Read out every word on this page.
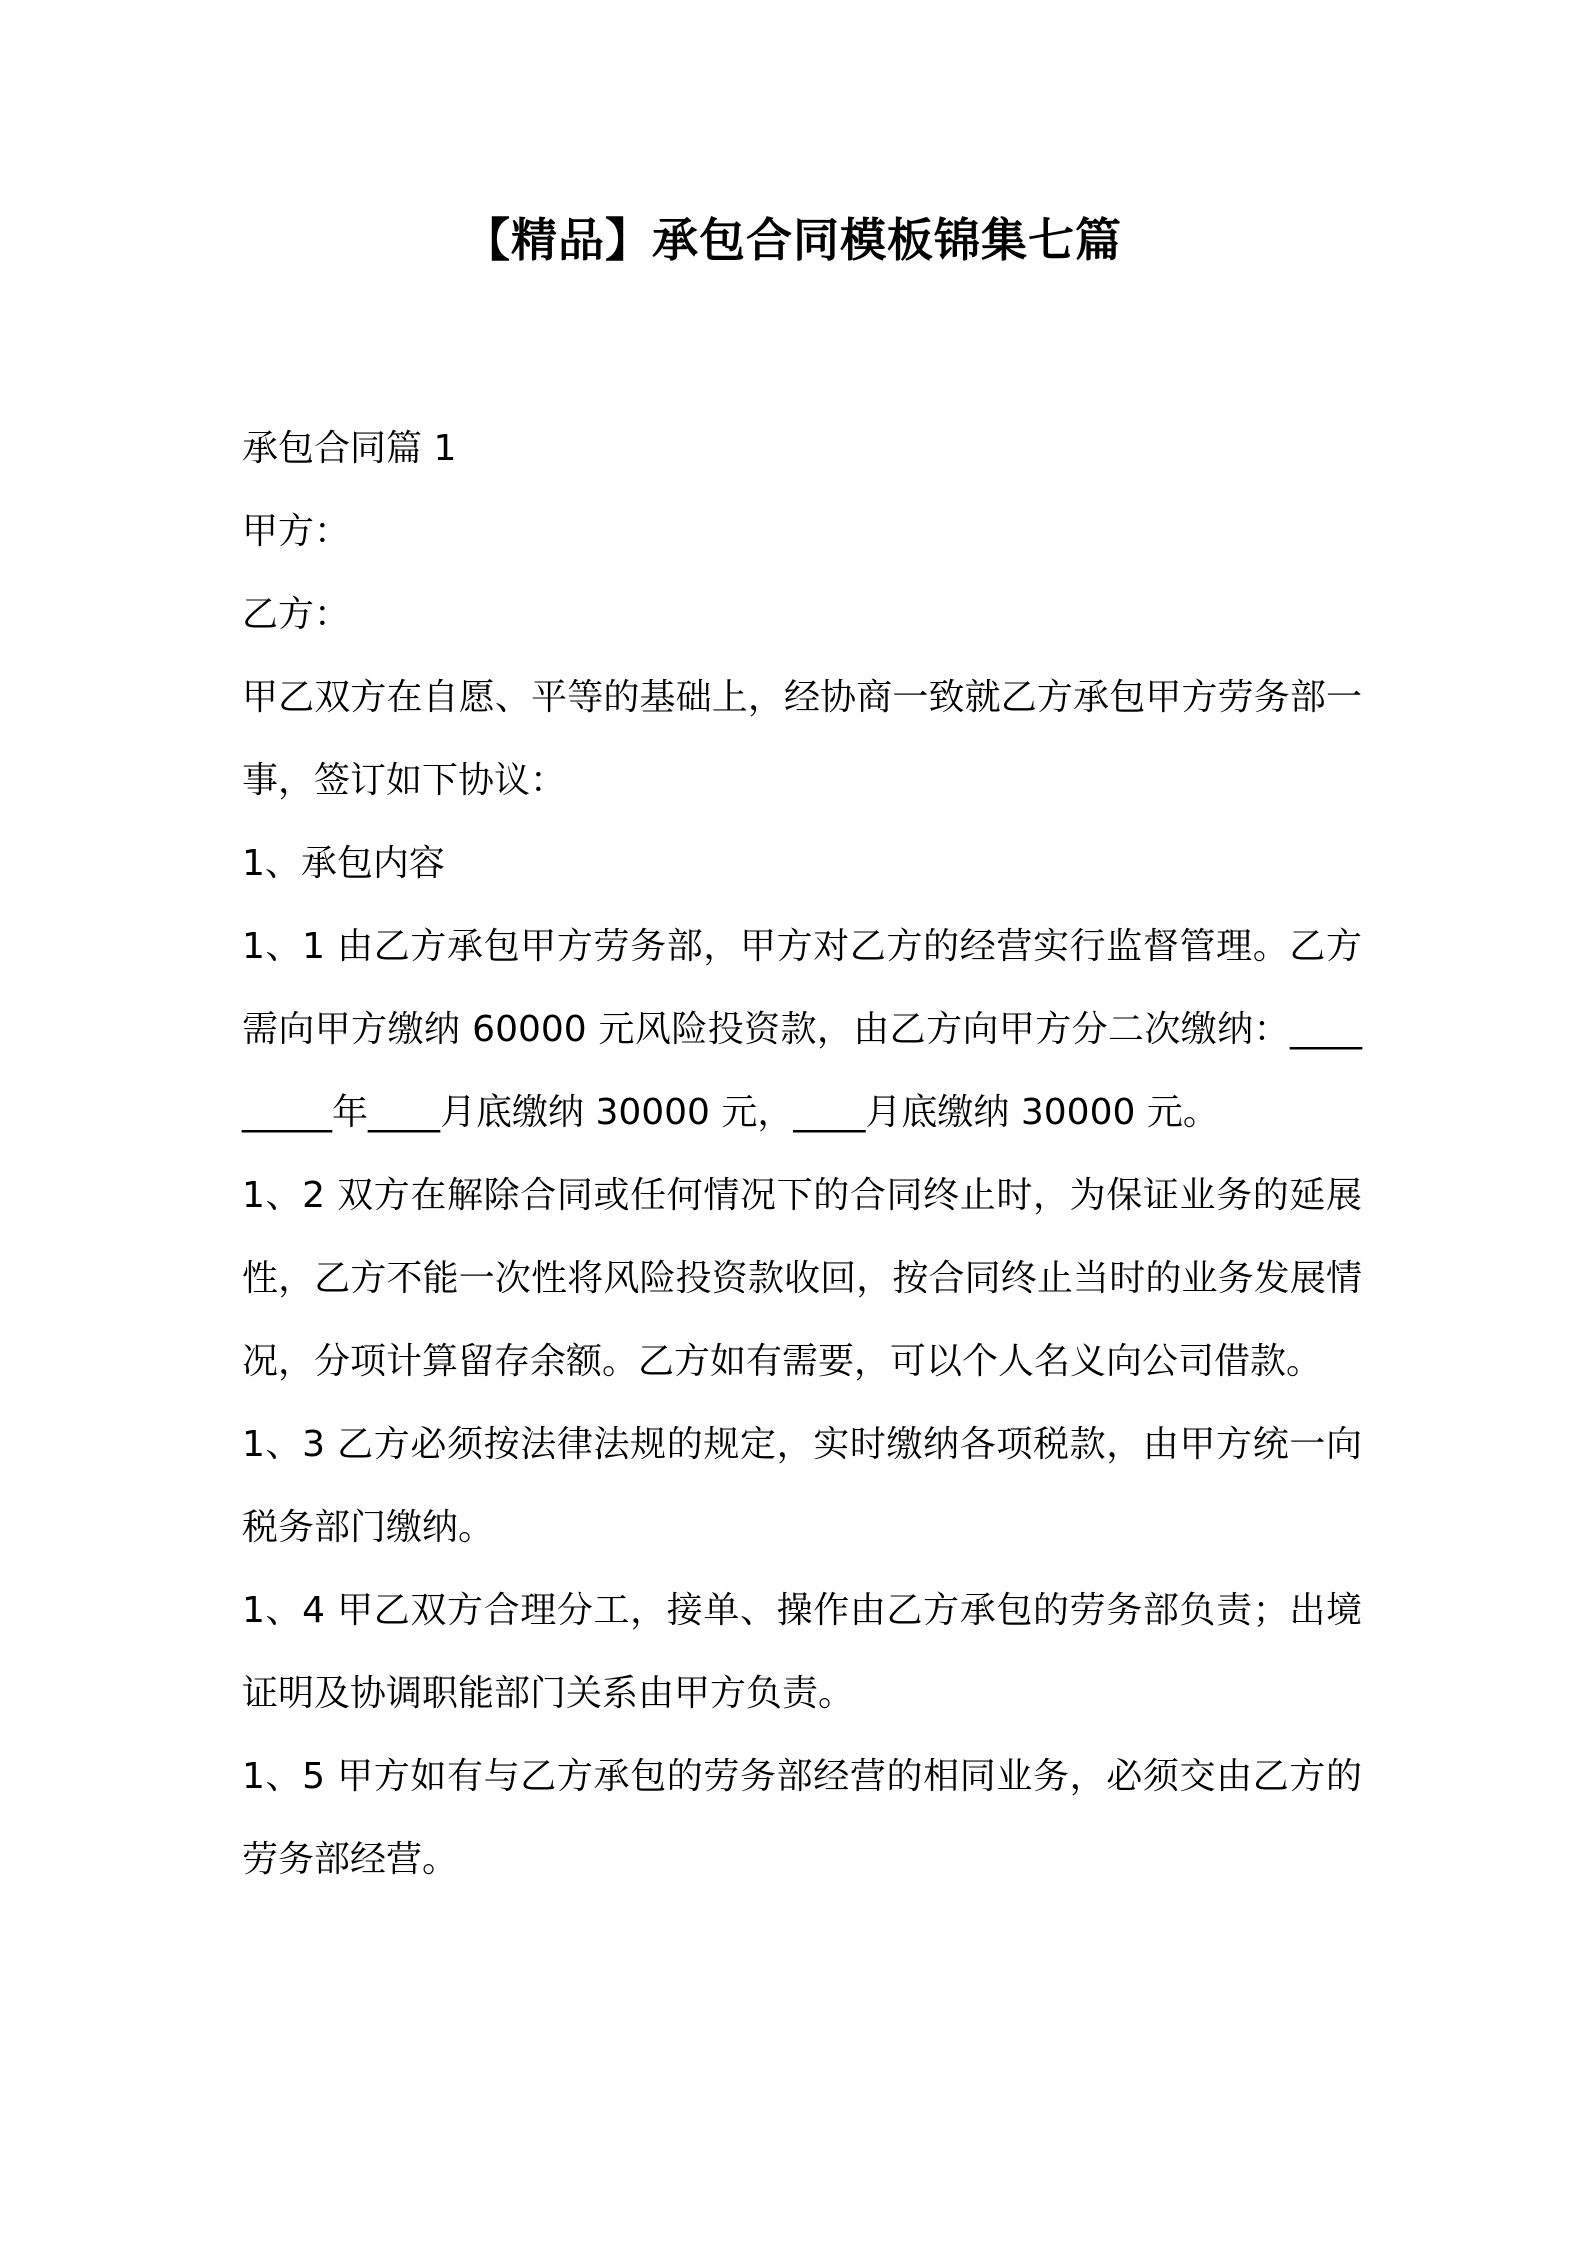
【精品】承包合同模板锦集七篇

承包合同篇 1

甲方：

乙方：

甲乙双方在自愿、平等的基础上，经协商一致就乙方承包甲方劳务部一事，签订如下协议：

1、承包内容

1、1 由乙方承包甲方劳务部，甲方对乙方的经营实行监督管理。乙方需向甲方缴纳 60000 元风险投资款，由乙方向甲方分二次缴纳：_________年____月底缴纳 30000 元，____月底缴纳 30000 元。

1、2 双方在解除合同或任何情况下的合同终止时，为保证业务的延展性，乙方不能一次性将风险投资款收回，按合同终止当时的业务发展情况，分项计算留存余额。乙方如有需要，可以个人名义向公司借款。

1、3 乙方必须按法律法规的规定，实时缴纳各项税款，由甲方统一向税务部门缴纳。

1、4 甲乙双方合理分工，接单、操作由乙方承包的劳务部负责；出境证明及协调职能部门关系由甲方负责。

1、5 甲方如有与乙方承包的劳务部经营的相同业务，必须交由乙方的劳务部经营。
